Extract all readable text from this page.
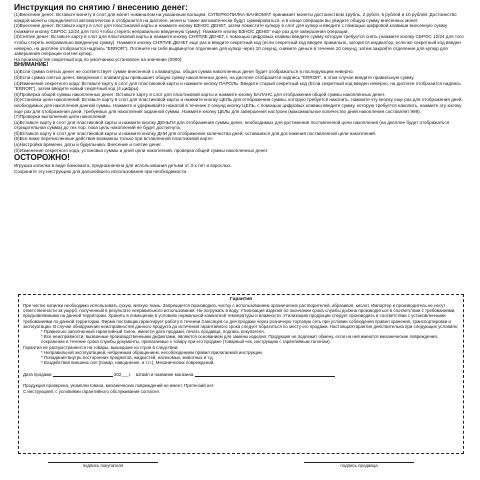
Инструкция по снятию / внесению денег:

(1)Внесение денег: Вставьте монету в слот для монет номиналом на указанным пальцем. СУПЕРКОПИЛКА-БАНКОМАТ принимает монеты достоинством 1рубль, 2 рубля, 5 рублей и 10 рублей. Достоинство каждой монеты определяется автоматически и отобразится на дисплее, монеты также автоматически будут суммироваться, и в конце операции вы увидите общую сумму внесенных монет.

(2)Внесение денег: Вставьте карту в слот для пластиковой карты и нажмите кнопку ВЗНОС ДЕНЕГ, затем поместите купюру в слот для купюр и введите с помощью цифровой клавиши внесенную сумму (нажмите кнопку СБРОС 12/24 для того чтобы стереть неправильно введенную сумму). Нажмите кнопку ВЗНОС ДЕНЕГ еще раз для завершения операции.

(3)Снятие денег: Вставьте карту в слот для пластиковой карты и нажмите кнопку СНЯТИЕ ДЕНЕГ, с помощью цифровых клавиш введите сумму которую требуется снять (нажмите кнопку СБРОС 12/24 для того чтобы стереть неправильно введенную сумму). Нажмите кнопку СНЯТИЕ ДЕНЕГ еще раз и введите секретный код (если секретный код введён правильно, загорится индикатор, если же секретный код введен неверно, на дисплее отобразится надпись "ERROR"). Потяните на себя выдвинутое отделение для купюр через 10 секунд, снимите деньги в течение 10 секунд, затем закройте отделение для купюр для завершения операции снятия купюр.

На производстве секретный код по умолчанию установлен на значение (0000).

ВНИМАНИЕ!

(а)Если сумма снятых денег не соответствует сумме внесенной с клавиатуры, общая сумма накопленных денег будет отображаться в последующем неверно.

(б)Если сумма снятых денег, введенная с клавиатуры превышает общую сумму накопленных денег, на дисплее отобразится надпись "ERROR", в этом случае введите правильную сумму.

(4)Изменение секретного кода: Вставьте карту в слот для пластиковой карты и нажмите кнопку ПАРОЛЬ. Введите старый секретный код (Если секретный код введен неверно, на дисплее отобразится надпись "ERROR"), затем введите новый секретный код (4 цифры).

(5)Проверка общей суммы накопленных денег: Вставьте карту в слот для пластиковой карты и нажмите кнопку БАЛАНС для отображения общей суммы накопленных денег.

(6)Установка цели накоплений: Вставьте карту в слот для пластиковой карты и нажмите кнопку ЦЕЛЬ для отображения суммы, которую требуется накопить, нажмите эту кнопку еще раз для отображения дней, необходимых для накопления данной суммы. Нажмите и удерживайте нажатой в течение 2 секунд кнопку ЦЕЛЬ, с помощью цифровых клавиш введите сумму, которую требуется накопить, нажмите эту кнопку еще раз для отображения дней, требуемых для накопления заданной суммы. Нажмите кнопку ЦЕЛЬ для завершения настроек (максимальное количество дней накопления составляет 999).

(7)Проверка выполнения цели накоплений:

(а)Вставьте карту в слот для пластиковой карты и нажмите кнопку ДЕНЬГИ для отображения суммы денег, необходимых для достижения поставленной цели накопления (на дисплее будет отображаться отрицательная сумма) до тех пор, пока цель накоплений не будет достигнута.

(б)Вставьте карту в слот для пластиковой карты и нажмите кнопку ДНИ для отображения количества дней, оставшихся для достижения поставленной цели накоплений.

(8)Все ниже перечисленные действия возможны только при вставленной пластиковой карте:

(а)Настройка времени, даты и будильника. Внесение и снятие денег.

(б)Изменение секретного кода, установка суммы и дней цели накоплений, проверка общей суммы накопленных денег.

ОСТОРОЖНО!

Игрушка копилка в виде банкомата, предназначена для использования детьми от 3-х лет и взрослых.

Сохраните эту инструкцию для дальнейшего использования при необходимости.

Гарантия

При чистке копилки необходимо использовать сухую, мягкую ткань. Запрещается производить чистку с использованием органических растворителей, абразивов, кислот. Импортер и производитель не несут ответственности за ущерб, полученный в результате неправильного использования. Не погружать в воду. Утилизация изделия по окончании срока службы должна производиться в соответствии с требованиями, предъявляемыми на данной территории. Хранить в помещении в условиях нормальной комнатной температуры и влажности. Утилизацию продукции следует производить в соответствии с установленными требованиями по данной территории. Фирма поставщик гарантирует работу в течении 3 месяцев со дня продажи через розничную торговую сеть при условии соблюдения правил хранения, транспортировки и эксплуатации. В случае обнаружения неисправностей данного продукта до истечения гарантийного срока следует обратиться по месту его продажи. Настоящая гарантия действительна при следующих условиях:

* Правильно заполненный гарантийный талон, имеется дата продажи, печать продавца, подпись покупателя.

* Все неисправности, вызванные производственными дефектами, являются основанием для замены изделия. Продукция не подлежит обмену, если на ней имеются механические повреждения, сохранение в течение срока службы документы, прилагаемые к товару при его продаже (товарный чек, инструкцию с гарантийным талоном).

Гарантия не распространяется на товары, вышедшие из строя в следствии:

* Неправильной эксплуатацией, небрежным обращением, несоблюдением правил прилагаемой инструкции.

* Попадания внутрь посторонних предметов, жидкостей, насекомых, животных и т.д.

* Воздействия внешних сил (пожар, наводнение, и т.п.), Механических повреждений.

Дата продажи	202___г. Штамп и название магазина

Продукция проверена, укомплектована, механических повреждений не имеет. Претензий нет.

С инструкцией, с условиями гарантийного обслуживания согласен.

подпись покупателя	подпись продавца
